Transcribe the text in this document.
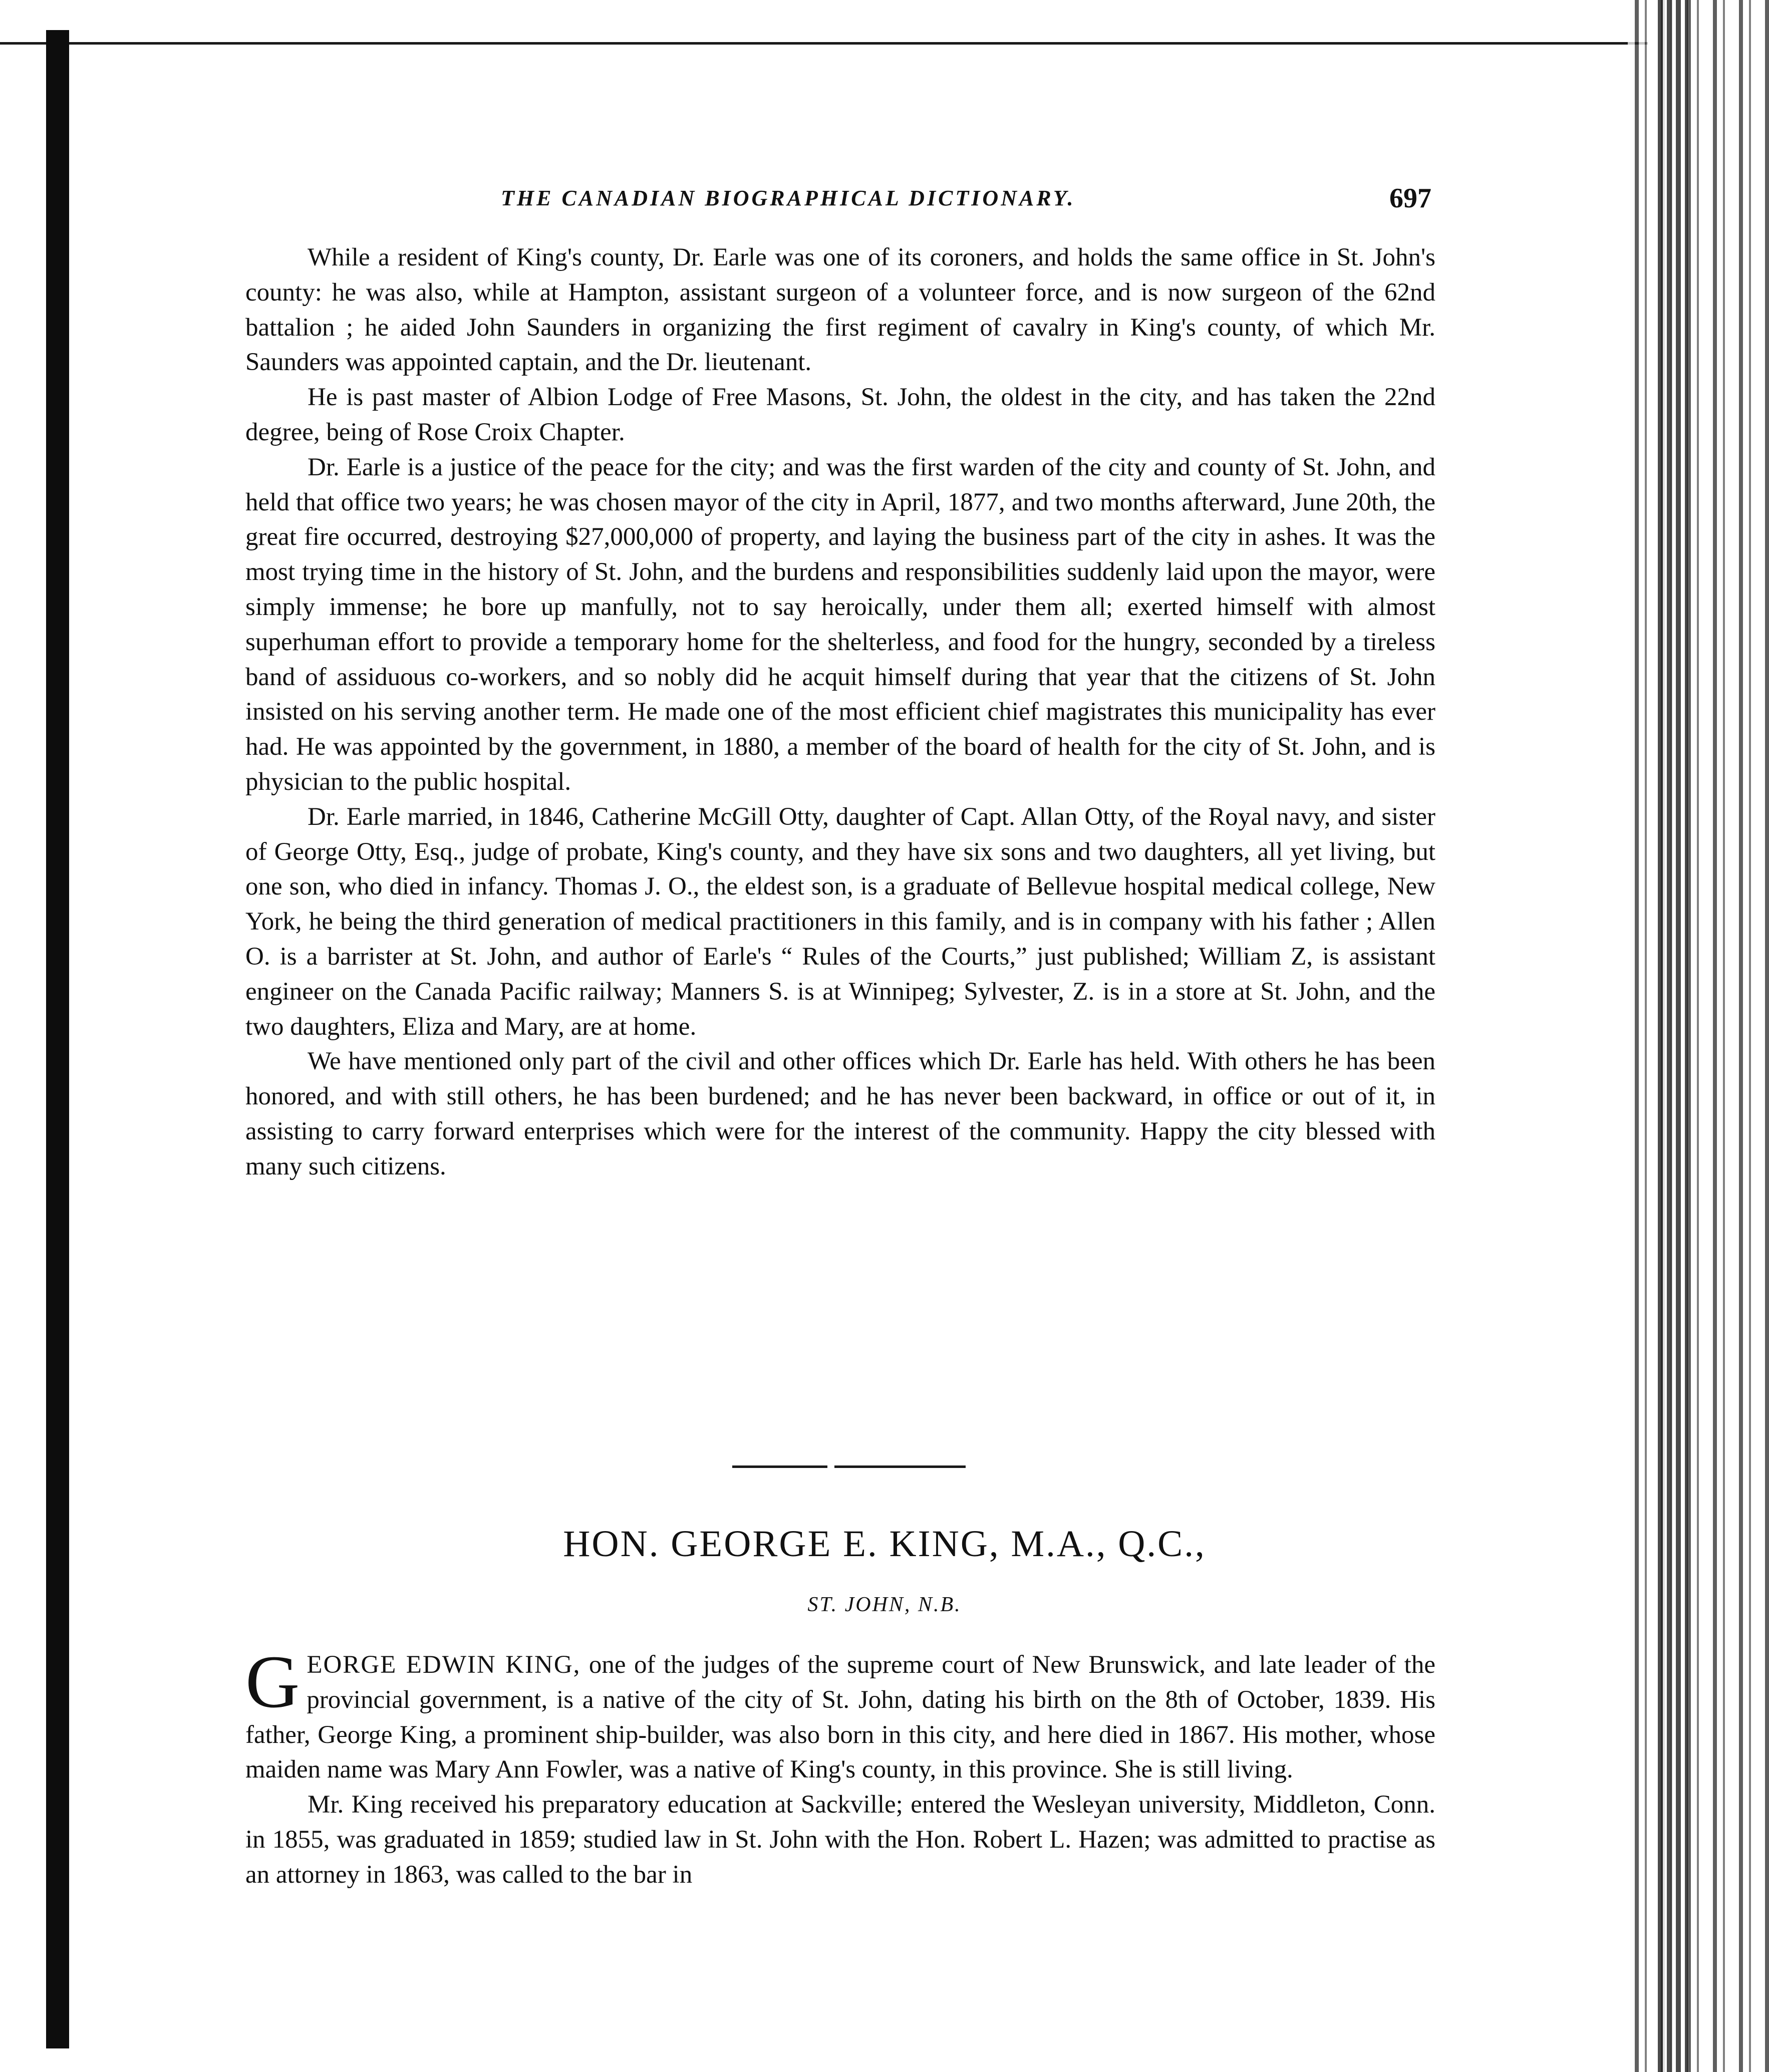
THE CANADIAN BIOGRAPHICAL DICTIONARY.	697

While a resident of King's county, Dr. Earle was one of its coroners, and holds the same office in St. John's county: he was also, while at Hampton, assistant surgeon of a volunteer force, and is now surgeon of the 62nd battalion ; he aided John Saunders in organizing the first regiment of cavalry in King's county, of which Mr. Saunders was appointed captain, and the Dr. lieutenant.

He is past master of Albion Lodge of Free Masons, St. John, the oldest in the city, and has taken the 22nd degree, being of Rose Croix Chapter.

Dr. Earle is a justice of the peace for the city; and was the first warden of the city and county of St. John, and held that office two years; he was chosen mayor of the city in April, 1877, and two months afterward, June 20th, the great fire occurred, destroying $27,000,000 of property, and laying the business part of the city in ashes. It was the most trying time in the history of St. John, and the burdens and responsibilities suddenly laid upon the mayor, were simply immense; he bore up manfully, not to say heroically, under them all; exerted himself with almost superhuman effort to provide a temporary home for the shelterless, and food for the hungry, seconded by a tireless band of assiduous co-workers, and so nobly did he acquit himself during that year that the citizens of St. John insisted on his serving another term. He made one of the most efficient chief magistrates this municipality has ever had. He was appointed by the government, in 1880, a member of the board of health for the city of St. John, and is physician to the public hospital.

Dr. Earle married, in 1846, Catherine McGill Otty, daughter of Capt. Allan Otty, of the Royal navy, and sister of George Otty, Esq., judge of probate, King's county, and they have six sons and two daughters, all yet living, but one son, who died in infancy. Thomas J. O., the eldest son, is a graduate of Bellevue hospital medical college, New York, he being the third generation of medical practitioners in this family, and is in company with his father ; Allen O. is a barrister at St. John, and author of Earle's “ Rules of the Courts,” just published; William Z, is assistant engineer on the Canada Pacific railway; Manners S. is at Winnipeg; Sylvester, Z. is in a store at St. John, and the two daughters, Eliza and Mary, are at home.

We have mentioned only part of the civil and other offices which Dr. Earle has held. With others he has been honored, and with still others, he has been burdened; and he has never been backward, in office or out of it, in assisting to carry forward enterprises which were for the interest of the community. Happy the city blessed with many such citizens.

HON. GEORGE E. KING, M.A., Q.C.,
ST. JOHN, N.B.

GEORGE EDWIN KING, one of the judges of the supreme court of New Brunswick, and late leader of the provincial government, is a native of the city of St. John, dating his birth on the 8th of October, 1839. His father, George King, a prominent ship-builder, was also born in this city, and here died in 1867. His mother, whose maiden name was Mary Ann Fowler, was a native of King's county, in this province. She is still living.

Mr. King received his preparatory education at Sackville; entered the Wesleyan university, Middleton, Conn. in 1855, was graduated in 1859; studied law in St. John with the Hon. Robert L. Hazen; was admitted to practise as an attorney in 1863, was called to the bar in
